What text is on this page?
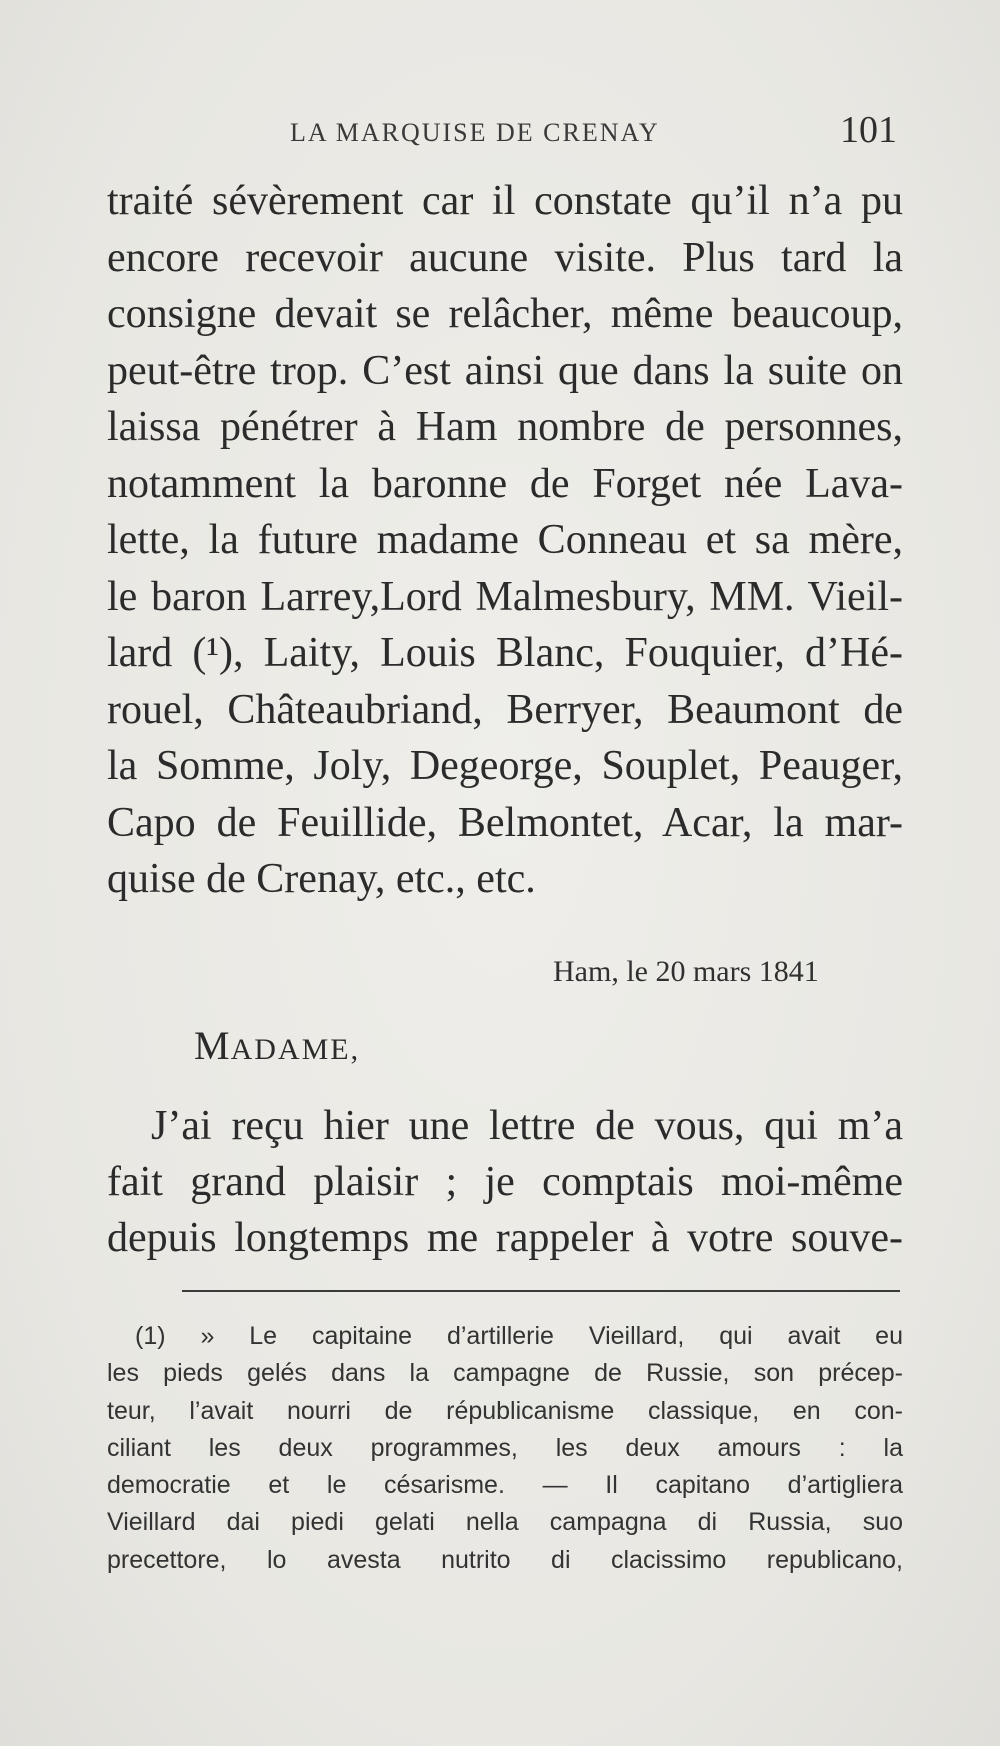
LA MARQUISE DE CRENAY	101
traité sévèrement car il constate qu’il n’a pu
encore recevoir aucune visite. Plus tard la
consigne devait se relâcher, même beaucoup,
peut-être trop. C’est ainsi que dans la suite on
laissa pénétrer à Ham nombre de personnes,
notamment la baronne de Forget née Lava-
lette, la future madame Conneau et sa mère,
le baron Larrey,Lord Malmesbury, MM. Vieil-
lard (¹), Laity, Louis Blanc, Fouquier, d’Hé-
rouel, Châteaubriand, Berryer, Beaumont de
la Somme, Joly, Degeorge, Souplet, Peauger,
Capo de Feuillide, Belmontet, Acar, la mar-
quise de Crenay, etc., etc.
Ham, le 20 mars 1841
MADAME,
J’ai reçu hier une lettre de vous, qui m’a
fait grand plaisir ; je comptais moi-même
depuis longtemps me rappeler à votre souve-
(1) » Le capitaine d’artillerie Vieillard, qui avait eu
les pieds gelés dans la campagne de Russie, son précep-
teur, l’avait nourri de républicanisme classique, en con-
ciliant les deux programmes, les deux amours : la
democratie et le césarisme. — Il capitano d’artigliera
Vieillard dai piedi gelati nella campagna di Russia, suo
precettore, lo avesta nutrito di clacissimo republicano,
